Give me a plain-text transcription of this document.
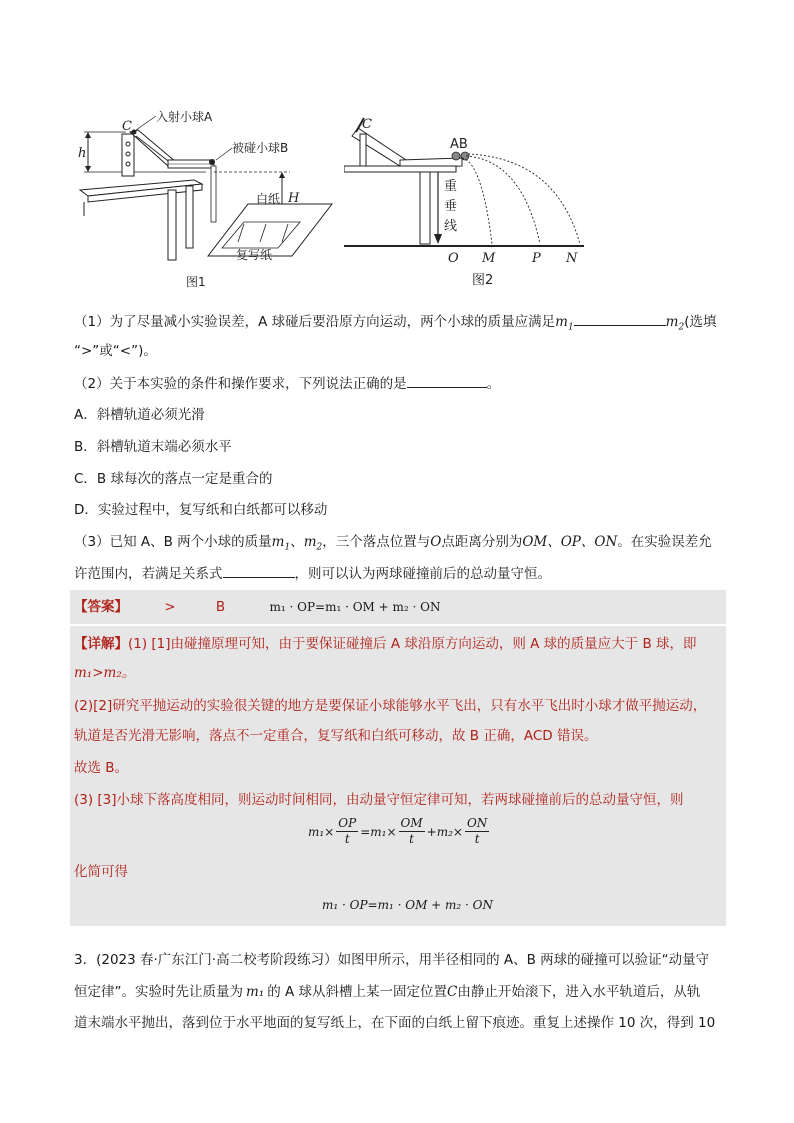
C
h
H
入射小球A
被碰小球B
白纸
复写纸
图1
C
AB
重
垂
线
O M	P N
图2
（1）为了尽量减小实验误差，A 球碰后要沿原方向运动，两个小球的质量应满足$m_1$	$m_2$(选填
“>”或“<”)。
（2）关于本实验的条件和操作要求，下列说法正确的是	。
A．斜槽轨道必须光滑
B．斜槽轨道末端必须水平
C．B 球每次的落点一定是重合的
D．实验过程中，复写纸和白纸都可以移动
（3）已知 A、B 两个小球的质量$m_1$、$m_2$，三个落点位置与O点距离分别为OM、OP、ON。在实验误差允
许范围内，若满足关系式	，则可以认为两球碰撞前后的总动量守恒。
【答案】	>	B	m₁ · OP=m₁ · OM + m₂ · ON
【详解】(1) [1]由碰撞原理可知，由于要保证碰撞后 A 球沿原方向运动，则 A 球的质量应大于 B 球，即
m₁>m₂。
(2)[2]研究平抛运动的实验很关键的地方是要保证小球能够水平飞出，只有水平飞出时小球才做平抛运动，
轨道是否光滑无影响，落点不一定重合，复写纸和白纸可移动，故 B 正确，ACD 错误。
故选 B。
(3) [3]小球下落高度相同，则运动时间相同，由动量守恒定律可知，若两球碰撞前后的总动量守恒，则
$m_1 \times \frac{OP}{t} = m_1 \times \frac{OM}{t} + m_2 \times \frac{ON}{t}$
化简可得
m₁ · OP=m₁ · OM + m₂ · ON
3．(2023 春·广东江门·高二校考阶段练习）如图甲所示，用半径相同的 A、B 两球的碰撞可以验证“动量守
恒定律”。实验时先让质量为 m₁ 的 A 球从斜槽上某一固定位置C由静止开始滚下，进入水平轨道后，从轨
道末端水平抛出，落到位于水平地面的复写纸上，在下面的白纸上留下痕迹。重复上述操作 10 次，得到 10
